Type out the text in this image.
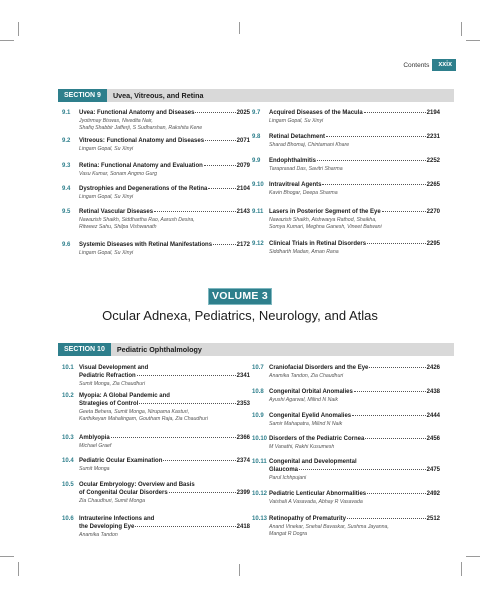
Contents	xxix
SECTION 9	Uvea, Vitreous, and Retina
9.1	Uvea: Functional Anatomy and Diseases	2025
Jyotirmay Biswas, Nivedita Nair,
Shafiq Shabbir Jafferji, S Sudharshan, Rakshita Kene
9.2	Vitreous: Functional Anatomy and Diseases	2071
Lingam Gopal, Su Xinyi
9.3	Retina: Functional Anatomy and Evaluation	2079
Vasu Kumar, Sonam Angmo Gurg
9.4	Dystrophies and Degenerations of the Retina	2104
Lingam Gopal, Su Xinyi
9.5	Retinal Vascular Diseases	2143
Nawazish Shaikh, Siddhartha Rao, Aarush Desira,
Ritweez Sahu, Shilpa Vishwanath
9.6	Systemic Diseases with Retinal Manifestations	2172
Lingam Gopal, Su Xinyi
9.7	Acquired Diseases of the Macula	2194
Lingam Gopal, Su Xinyi
9.8	Retinal Detachment	2231
Sharad Bhomaj, Chintamani Khare
9.9	Endophthalmitis	2252
Taraprasad Das, Savitri Sharma
9.10 Intravitreal Agents	2265
Kavin Bhogar, Deepa Sharma
9.11 Lasers in Posterior Segment of the Eye	2270
Nawazish Shaikh, Aishwarya Rathod, Shaikha,
Somya Kumari, Meghna Ganesh, Vineet Batwani
9.12 Clinical Trials in Retinal Disorders	2295
Siddharth Madan, Aman Rana
VOLUME 3
Ocular Adnexa, Pediatrics, Neurology, and Atlas
SECTION 10	Pediatric Ophthalmology
10.1 Visual Development and
Pediatric Refraction	2341
Sumit Monga, Zia Chaudhuri
10.2 Myopia: A Global Pandemic and
Strategies of Control	2353
Geeta Behera, Sumit Monga, Nirupama Kasturi,
Karthikeyan Mahalingam, Goutham Raja, Zia Chaudhuri
10.3 Amblyopia	2366
Michael Graef
10.4 Pediatric Ocular Examination	2374
Sumit Monga
10.5 Ocular Embryology: Overview and Basis
of Congenital Ocular Disorders	2399
Zia Chaudhuri, Sumit Monga
10.6 Intrauterine Infections and
the Developing Eye	2418
Anamika Tandon
10.7 Craniofacial Disorders and the Eye	2426
Anamika Tandon, Zia Chaudhuri
10.8 Congenital Orbital Anomalies	2438
Ayushi Agarwal, Milind N Naik
10.9 Congenital Eyelid Anomalies	2444
Samir Mahapatra, Milind N Naik
10.10 Disorders of the Pediatric Cornea	2456
M Vanathi, Rakhi Kusumesh
10.11 Congenital and Developmental
Glaucoma	2475
Parul Ichhpujani
10.12 Pediatric Lenticular Abnormalities	2492
Vaishali A Vasavada, Abhay R Vasavada
10.13 Retinopathy of Prematurity	2512
Anand Vinekar, Snehal Bavaskar, Sushma Jayanna,
Mangat R Dogra
